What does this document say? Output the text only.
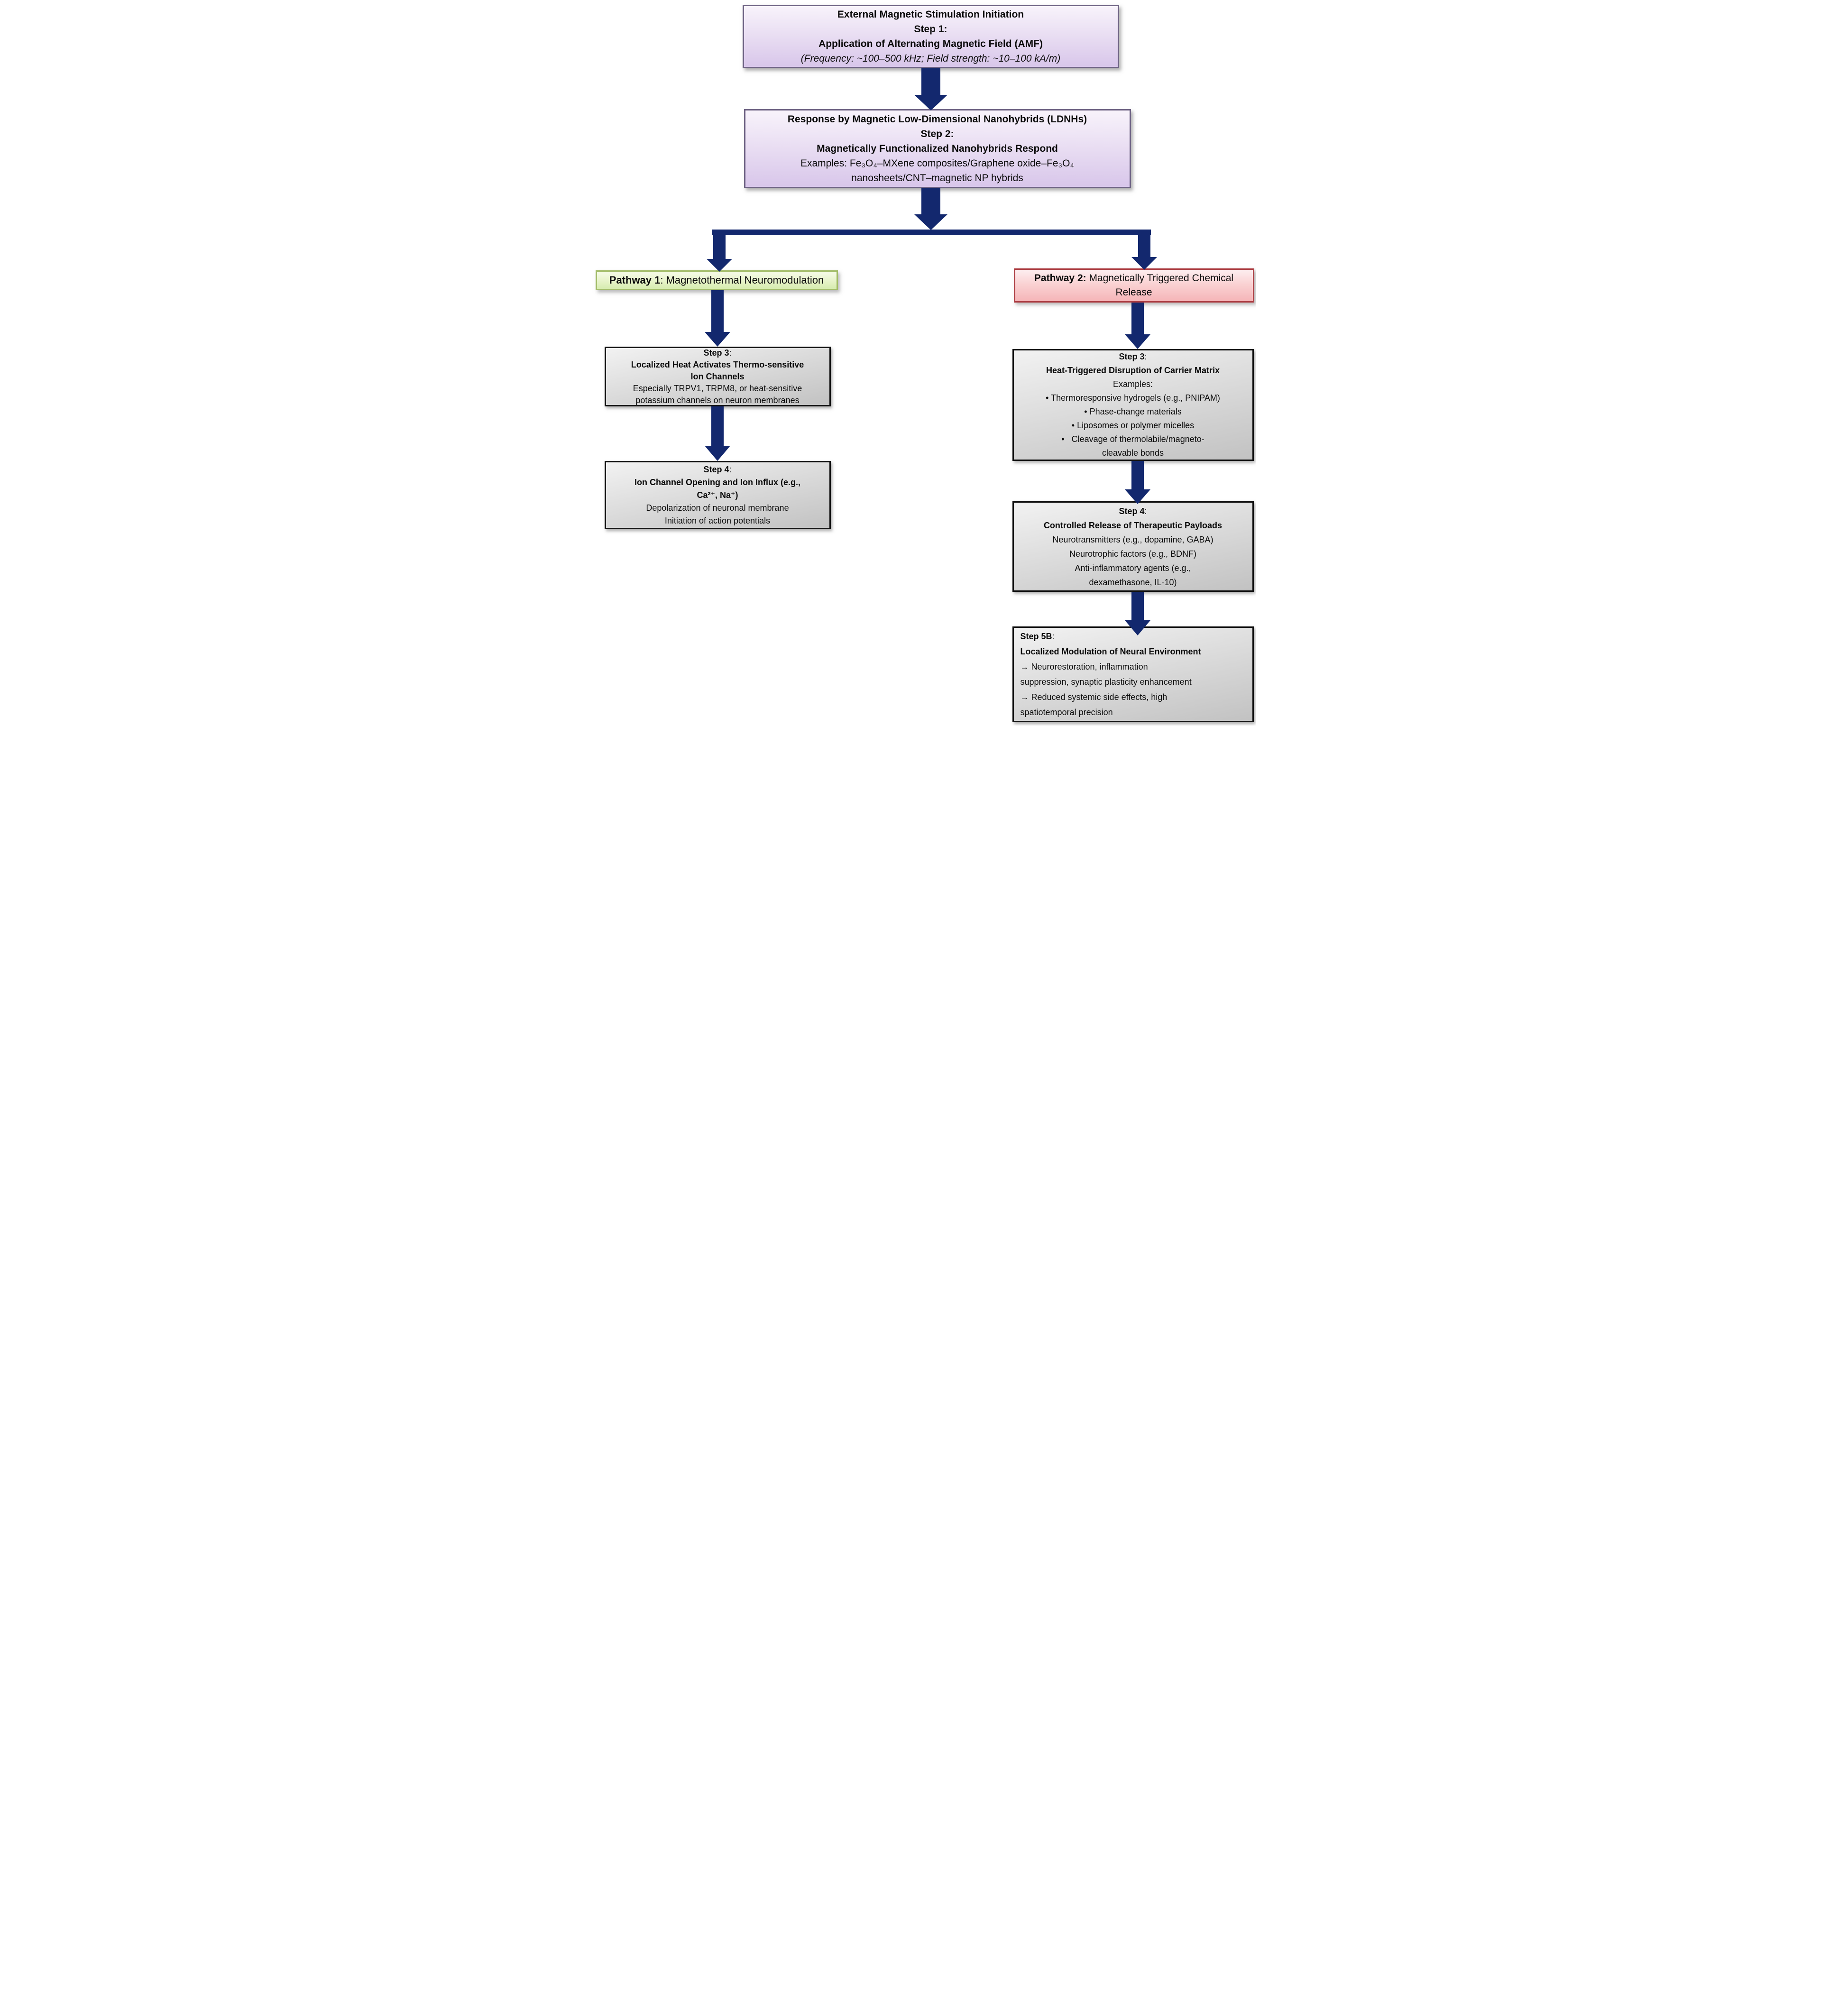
External Magnetic Stimulation Initiation
Step 1:
Application of Alternating Magnetic Field (AMF)
(Frequency: ~100–500 kHz; Field strength: ~10–100 kA/m)
Response by Magnetic Low-Dimensional Nanohybrids (LDNHs)
Step 2:
Magnetically Functionalized Nanohybrids Respond
Examples: Fe₃O₄–MXene composites/Graphene oxide–Fe₃O₄
nanosheets/CNT–magnetic NP hybrids
Pathway 1 : Magnetothermal Neuromodulation	Pathway 2: Magnetically Triggered Chemical
Release
Step 3:
Localized Heat Activates Thermo-sensitive
Ion Channels
Especially TRPV1, TRPM8, or heat-sensitive
potassium channels on neuron membranes
Step 4:
Ion Channel Opening and Ion Influx (e.g.,
Ca²⁺, Na⁺)
Depolarization of neuronal membrane
Initiation of action potentials
Step 3:
Heat-Triggered Disruption of Carrier Matrix
Examples:
• Thermoresponsive hydrogels (e.g., PNIPAM)
• Phase-change materials
• Liposomes or polymer micelles
•   Cleavage of thermolabile/magneto-
cleavable bonds
Step 4:
Controlled Release of Therapeutic Payloads
Neurotransmitters (e.g., dopamine, GABA)
Neurotrophic factors (e.g., BDNF)
Anti-inflammatory agents (e.g.,
dexamethasone, IL-10)
Step 5B:
Localized Modulation of Neural Environment
→ Neurorestoration, inflammation
suppression, synaptic plasticity enhancement
→ Reduced systemic side effects, high
spatiotemporal precision
